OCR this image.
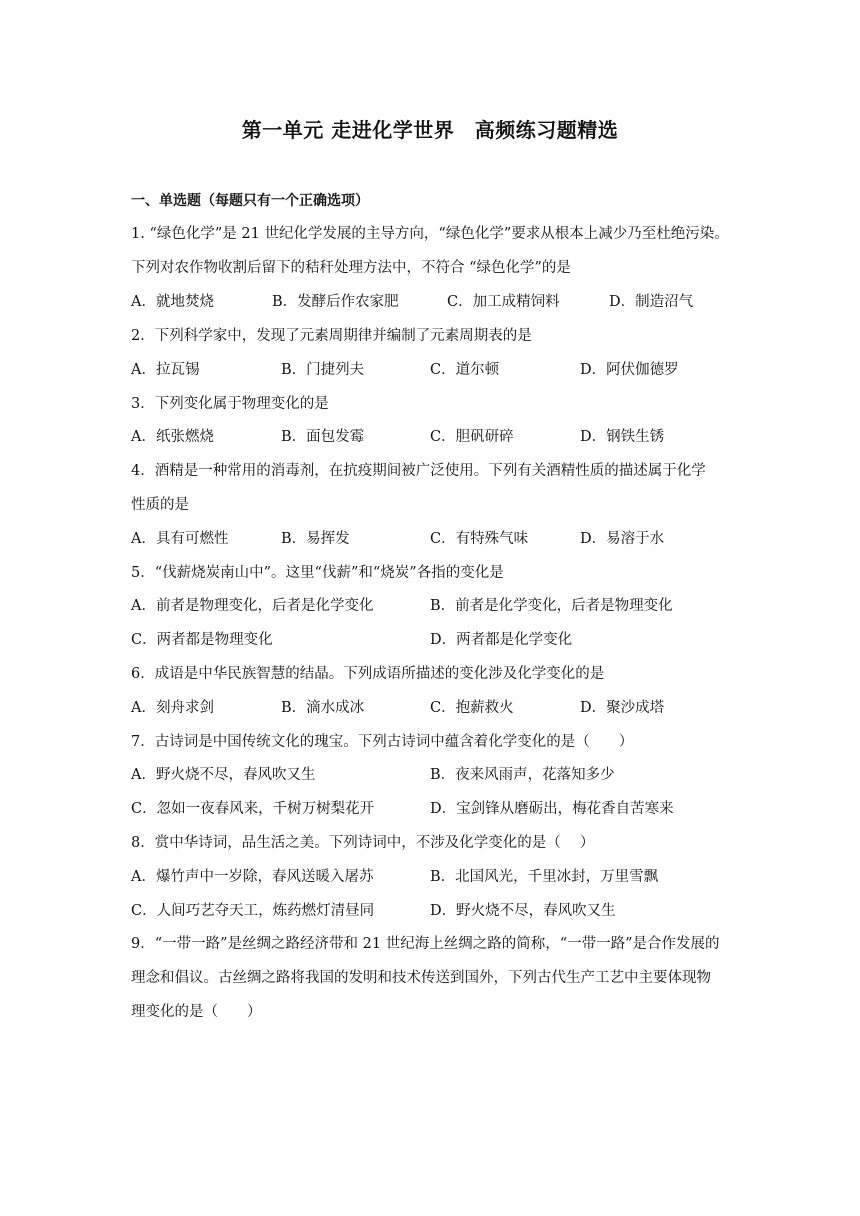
第一单元 走进化学世界　高频练习题精选
一、单选题（每题只有一个正确选项）
1. “绿色化学”是 21 世纪化学发展的主导方向，“绿色化学”要求从根本上减少乃至杜绝污染。
下列对农作物收割后留下的秸秆处理方法中，不符合 “绿色化学”的是
A．就地焚烧	B．发酵后作农家肥	C．加工成精饲料	D．制造沼气
2．下列科学家中，发现了元素周期律并编制了元素周期表的是
A．拉瓦锡	B．门捷列夫	C．道尔顿	D．阿伏伽德罗
3．下列变化属于物理变化的是
A．纸张燃烧	B．面包发霉	C．胆矾研碎	D．钢铁生锈
4．酒精是一种常用的消毒剂，在抗疫期间被广泛使用。下列有关酒精性质的描述属于化学
性质的是
A．具有可燃性	B．易挥发	C．有特殊气味	D．易溶于水
5．“伐薪烧炭南山中”。这里“伐薪”和“烧炭”各指的变化是
A．前者是物理变化，后者是化学变化	B．前者是化学变化，后者是物理变化
C．两者都是物理变化	D．两者都是化学变化
6．成语是中华民族智慧的结晶。下列成语所描述的变化涉及化学变化的是
A．刻舟求剑	B．滴水成冰	C．抱薪救火	D．聚沙成塔
7．古诗词是中国传统文化的瑰宝。下列古诗词中蕴含着化学变化的是（　　）
A．野火烧不尽，春风吹又生	B．夜来风雨声，花落知多少
C．忽如一夜春风来，千树万树梨花开	D．宝剑锋从磨砺出，梅花香自苦寒来
8．赏中华诗词，品生活之美。下列诗词中，不涉及化学变化的是（　 ）
A．爆竹声中一岁除，春风送暖入屠苏	B．北国风光，千里冰封，万里雪飘
C．人间巧艺夺天工，炼药燃灯清昼同	D．野火烧不尽，春风吹又生
9．“一带一路”是丝绸之路经济带和 21 世纪海上丝绸之路的简称，“一带一路”是合作发展的
理念和倡议。古丝绸之路将我国的发明和技术传送到国外，下列古代生产工艺中主要体现物
理变化的是（　　）
